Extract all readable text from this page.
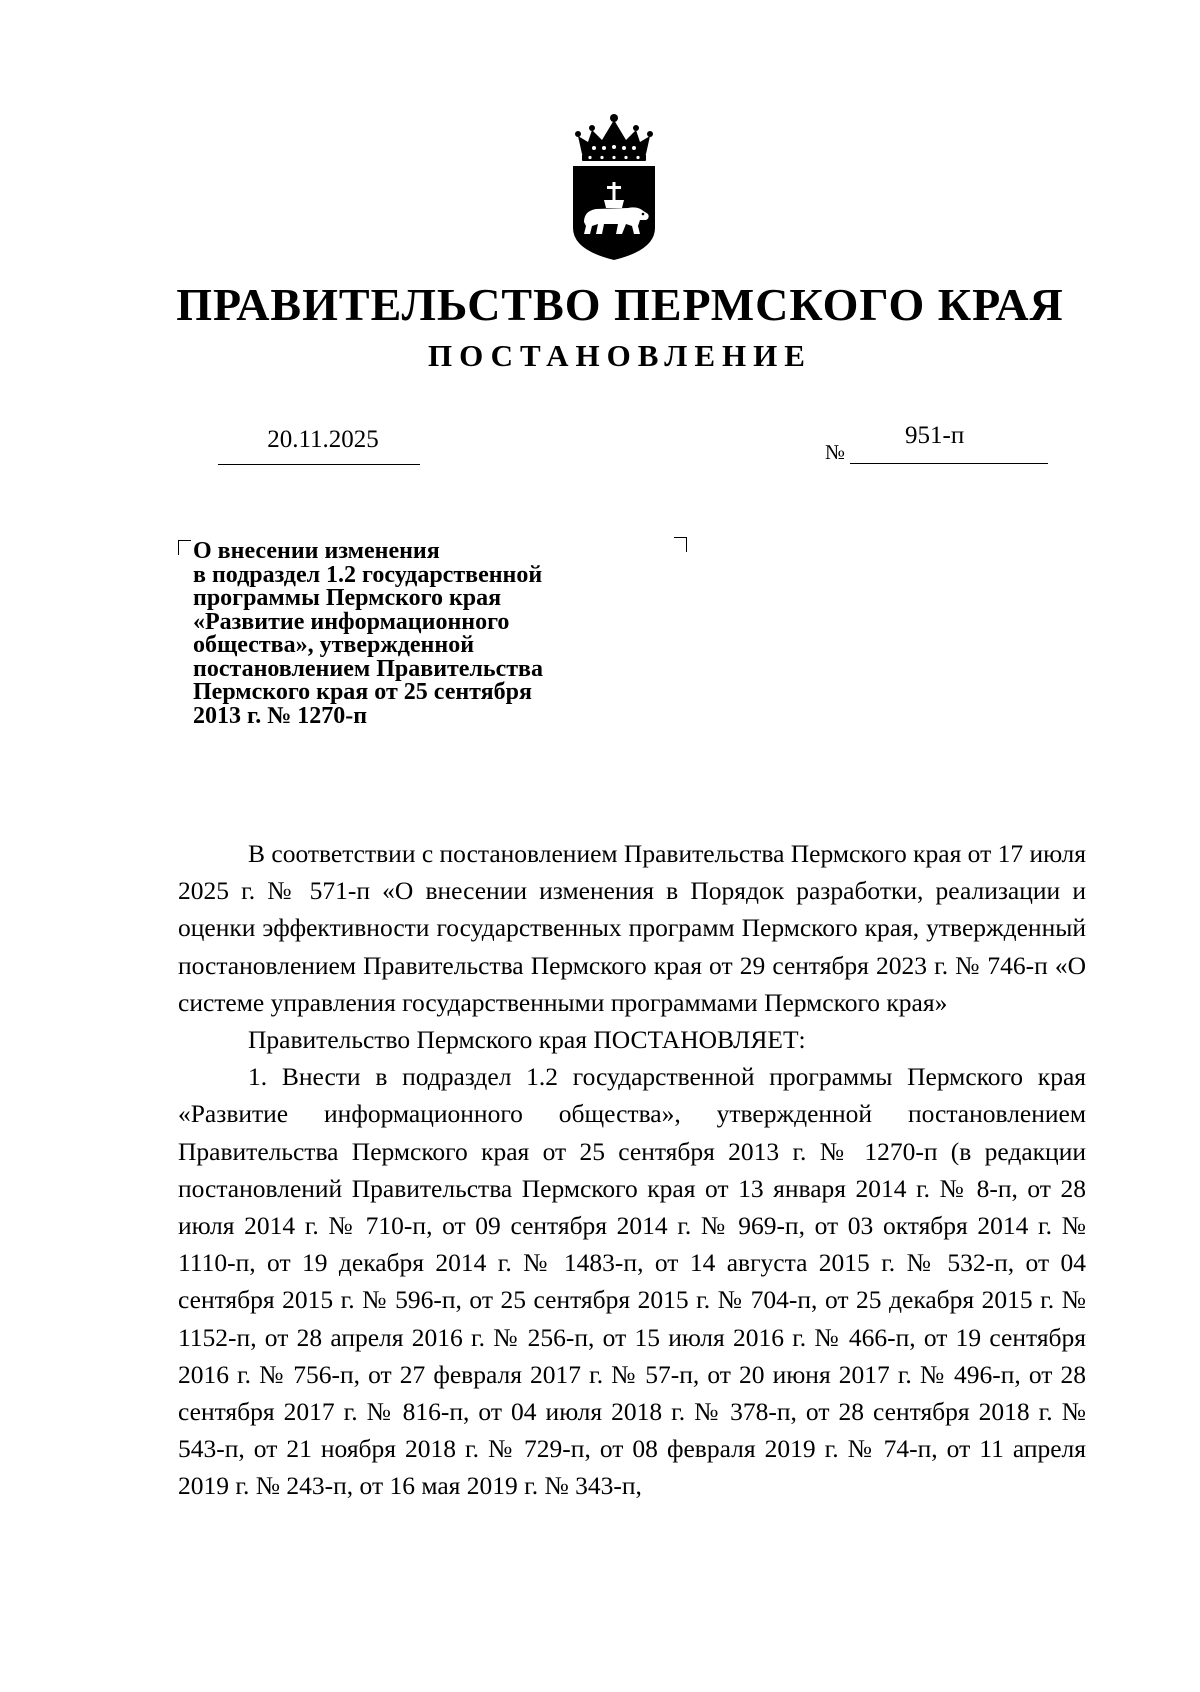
ПРАВИТЕЛЬСТВО ПЕРМСКОГО КРАЯ
ПОСТАНОВЛЕНИЕ
20.11.2025	№
951-п
О внесении изменения
в подраздел 1.2 государственной
программы Пермского края
«Развитие информационного
общества», утвержденной
постановлением Правительства
Пермского края от 25 сентября
2013 г. № 1270-п

В соответствии с постановлением Правительства Пермского края от 17 июля 2025 г. № 571-п «О внесении изменения в Порядок разработки, реализации и оценки эффективности государственных программ Пермского края, утвержденный постановлением Правительства Пермского края от 29 сентября 2023 г. № 746-п «О системе управления государственными программами Пермского края»

Правительство Пермского края ПОСТАНОВЛЯЕТ:

1. Внести в подраздел 1.2 государственной программы Пермского края «Развитие информационного общества», утвержденной постановлением Правительства Пермского края от 25 сентября 2013 г. № 1270-п (в редакции постановлений Правительства Пермского края от 13 января 2014 г. № 8-п, от 28 июля 2014 г. № 710-п, от 09 сентября 2014 г. № 969-п, от 03 октября 2014 г. № 1110-п, от 19 декабря 2014 г. № 1483-п, от 14 августа 2015 г. № 532-п, от 04 сентября 2015 г. № 596-п, от 25 сентября 2015 г. № 704-п, от 25 декабря 2015 г. № 1152-п, от 28 апреля 2016 г. № 256-п, от 15 июля 2016 г. № 466-п, от 19 сентября 2016 г. № 756-п, от 27 февраля 2017 г. № 57-п, от 20 июня 2017 г. № 496-п, от 28 сентября 2017 г. № 816-п, от 04 июля 2018 г. № 378-п, от 28 сентября 2018 г. № 543-п, от 21 ноября 2018 г. № 729-п, от 08 февраля 2019 г. № 74-п, от 11 апреля 2019 г. № 243-п, от 16 мая 2019 г. № 343-п,
